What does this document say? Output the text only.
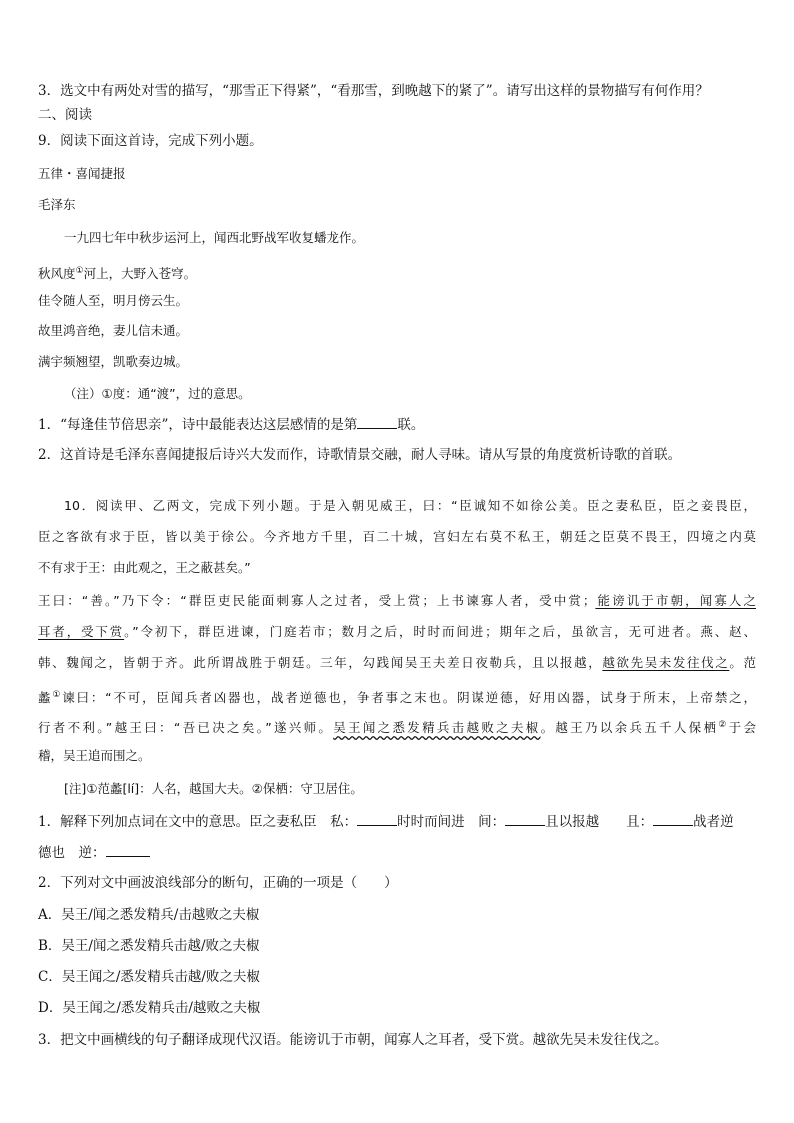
3．选文中有两处对雪的描写，“那雪正下得紧”，“看那雪，到晚越下的紧了”。请写出这样的景物描写有何作用？
二、阅读
9．阅读下面这首诗，完成下列小题。
五律・喜闻捷报
毛泽东
一九四七年中秋步运河上，闻西北野战军收复蟠龙作。
秋风度①河上，大野入苍穹。
佳令随人至，明月傍云生。
故里鸿音绝，妻儿信未通。
满宇频翘望，凯歌奏边城。
（注）①度：通“渡”，过的意思。
1．“每逢佳节倍思亲”，诗中最能表达这层感情的是第	联。
2．这首诗是毛泽东喜闻捷报后诗兴大发而作，诗歌情景交融，耐人寻味。请从写景的角度赏析诗歌的首联。
10．阅读甲、乙两文，完成下列小题。于是入朝见威王，曰：“臣诚知不如徐公美。臣之妻私臣，臣之妾畏臣，
臣之客欲有求于臣，皆以美于徐公。今齐地方千里，百二十城，宫妇左右莫不私王，朝廷之臣莫不畏王，四境之内莫
不有求于王：由此观之，王之蔽甚矣。”
王曰：“善。”乃下令：“群臣吏民能面刺寡人之过者，受上赏；上书谏寡人者，受中赏；能谤讥于市朝，闻寡人之
耳者，受下赏。”令初下，群臣进谏，门庭若市；数月之后，时时而间进；期年之后，虽欲言，无可进者。燕、赵、
韩、魏闻之，皆朝于齐。此所谓战胜于朝廷。三年，勾践闻吴王夫差日夜勒兵，且以报越，越欲先吴未发往伐之。范
蠡①谏曰：“不可，臣闻兵者凶器也，战者逆德也，争者事之末也。阴谋逆德，好用凶器，试身于所末，上帝禁之，
行者不利。”越王曰：“吾已决之矣。”遂兴师。吴王闻之悉发精兵击越败之夫椒。越王乃以余兵五千人保栖②于会
稽，吴王追而围之。
[注]①范蠡[lí]：人名，越国大夫。②保栖：守卫居住。
1．解释下列加点词在文中的意思。臣之妻私臣　私：	时时而间进　间：	且以报越　　且：	战者逆
德也　逆：
2．下列对文中画波浪线部分的断句，正确的一项是（　　）
A．吴王/闻之悉发精兵/击越败之夫椒
B．吴王/闻之悉发精兵击越/败之夫椒
C．吴王闻之/悉发精兵击越/败之夫椒
D．吴王闻之/悉发精兵击/越败之夫椒
3．把文中画横线的句子翻译成现代汉语。能谤讥于市朝，闻寡人之耳者，受下赏。越欲先吴未发往伐之。
